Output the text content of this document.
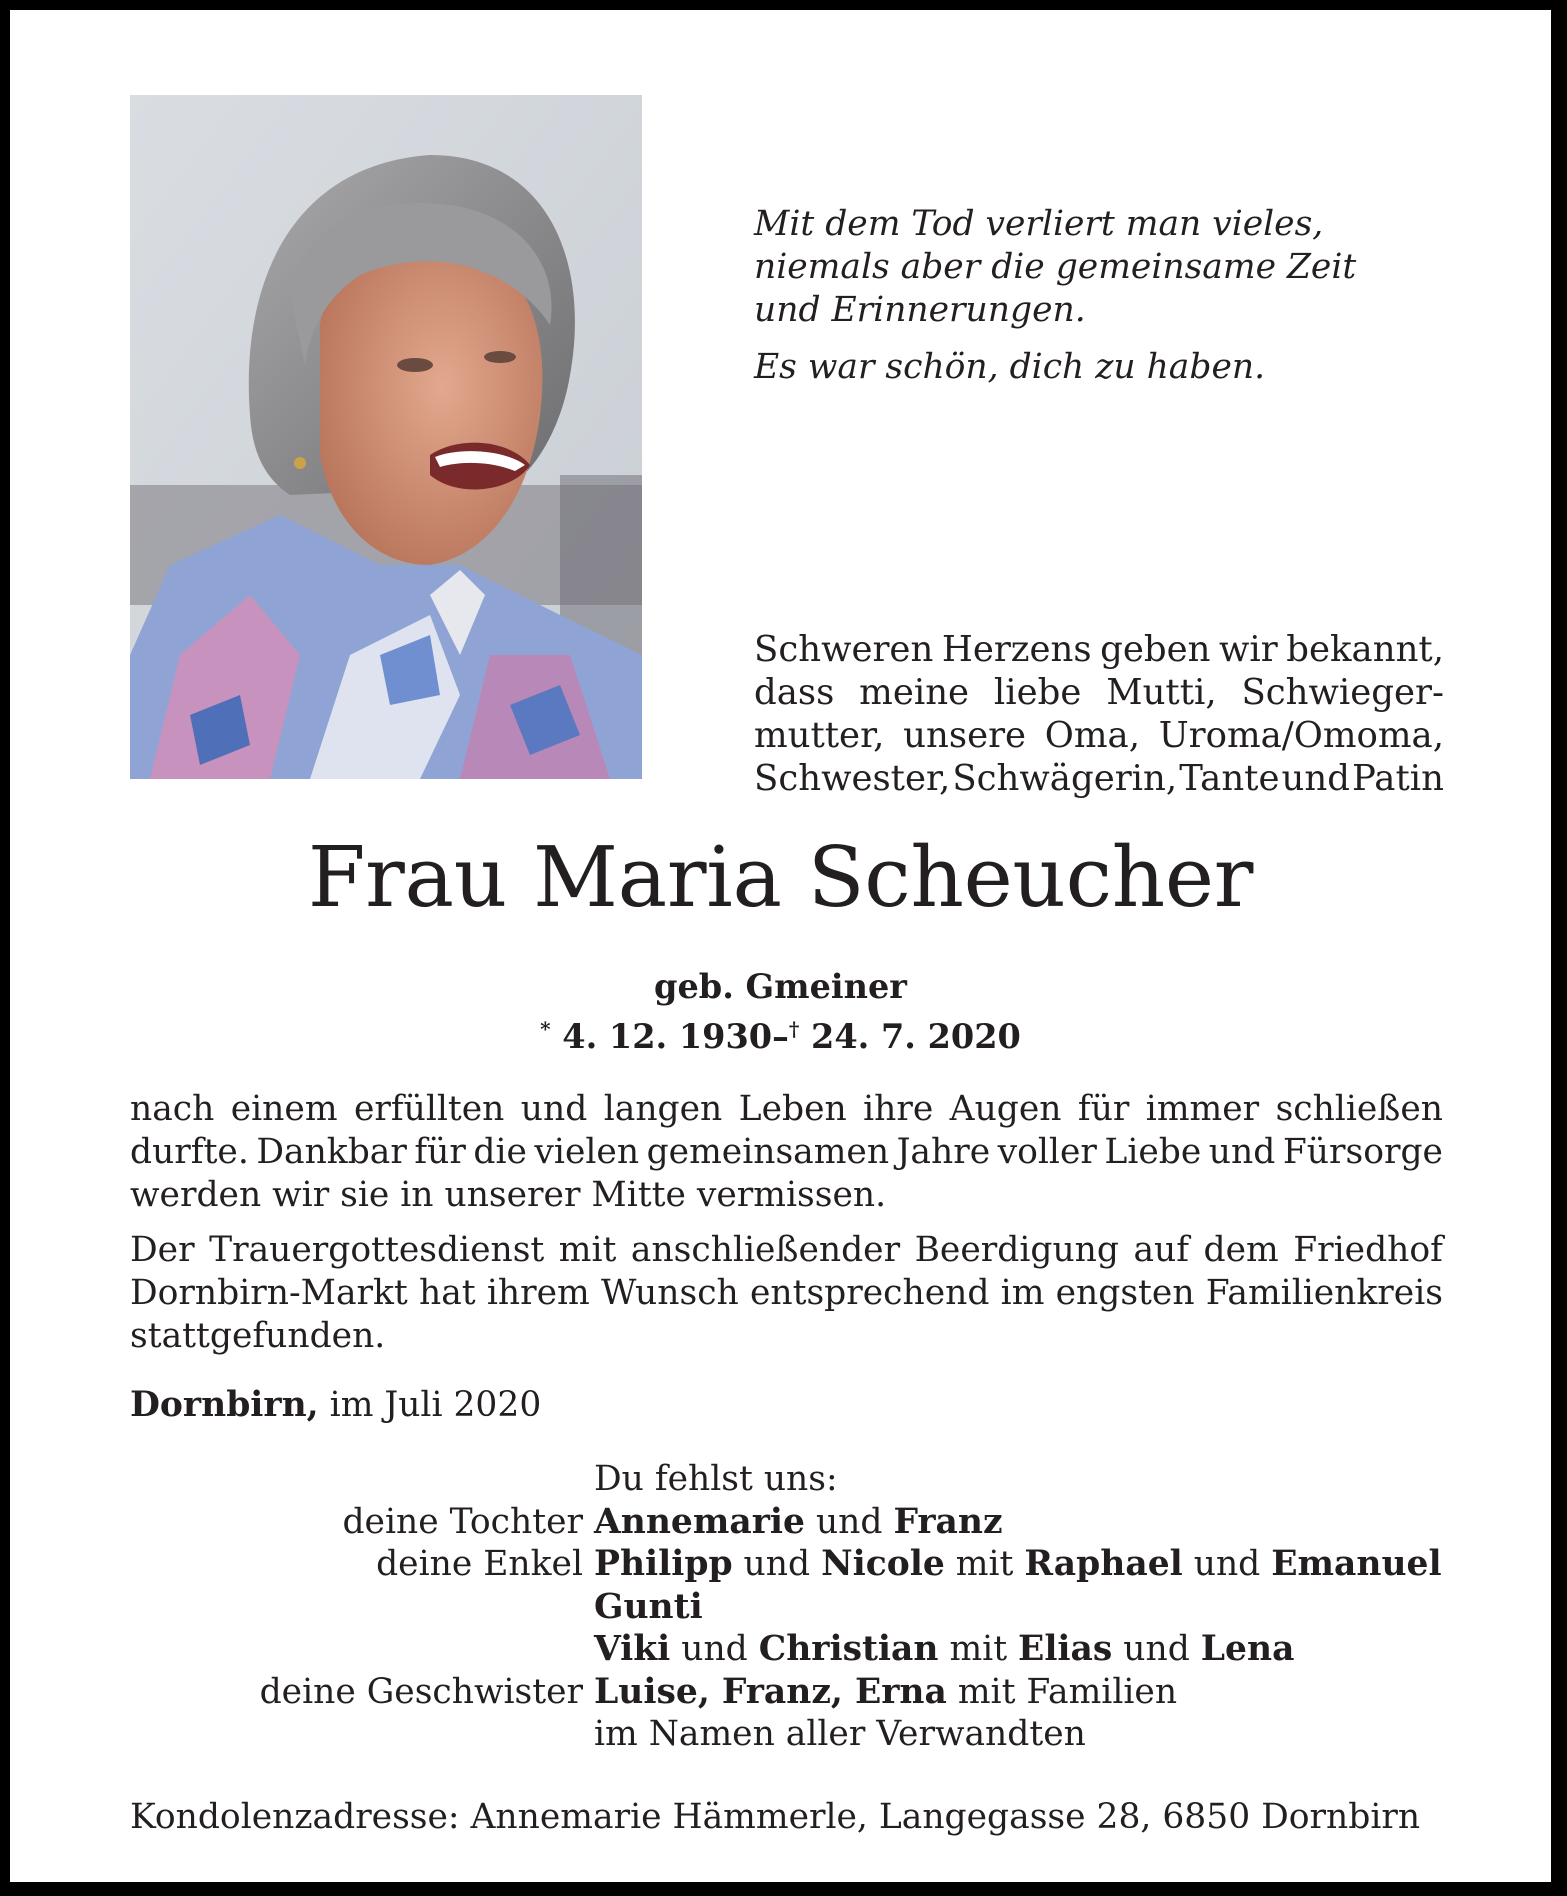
Mit dem Tod verliert man vieles,
niemals aber die gemeinsame Zeit
und Erinnerungen.

Es war schön, dich zu haben.

Schweren Herzens geben wir bekannt,
dass meine liebe Mutti, Schwieger-
mutter, unsere Oma, Uroma/Omoma,
Schwester, Schwägerin, Tante und Patin
Frau Maria Scheucher
geb. Gmeiner
* 4. 12. 1930–† 24. 7. 2020
nach einem erfüllten und langen Leben ihre Augen für immer schließen
durfte. Dankbar für die vielen gemeinsamen Jahre voller Liebe und Fürsorge
werden wir sie in unserer Mitte vermissen.
Der Trauergottesdienst mit anschließender Beerdigung auf dem Friedhof
Dornbirn-Markt hat ihrem Wunsch entsprechend im engsten Familienkreis
stattgefunden.
Dornbirn, im Juli 2020
Du fehlst uns:
deine Tochter Annemarie und Franz
deine Enkel Philipp und Nicole mit Raphael und Emanuel
Gunti
Viki und Christian mit Elias und Lena
deine Geschwister Luise, Franz, Erna mit Familien
im Namen aller Verwandten
Kondolenzadresse: Annemarie Hämmerle, Langegasse 28, 6850 Dornbirn
